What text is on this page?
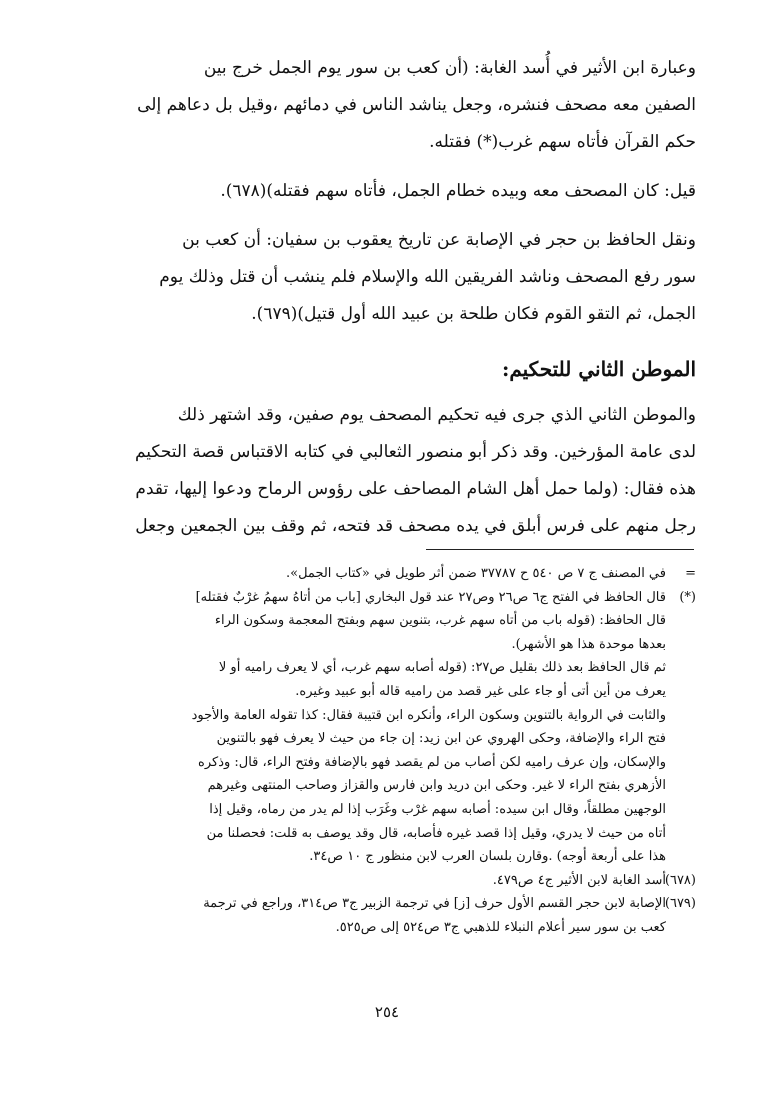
وعبارة ابن الأثير في أُسد الغابة: (أن كعب بن سور يوم الجمل خرج بين
الصفين معه مصحف فنشره، وجعل يناشد الناس في دمائهم ،وقيل بل دعاهم إلى
حكم القرآن فأتاه سهم غرب(*) فقتله.

قيل: كان المصحف معه وبيده خطام الجمل، فأتاه سهم فقتله)(٦٧٨).

ونقل الحافظ بن حجر في الإصابة عن تاريخ يعقوب بن سفيان: أن كعب بن
سور رفع المصحف وناشد الفريقين الله والإسلام فلم ينشب أن قتل وذلك يوم
الجمل، ثم التقو القوم فكان طلحة بن عبيد الله أول قتيل)(٦٧٩).

الموطن الثاني للتحكيم:

والموطن الثاني الذي جرى فيه تحكيم المصحف يوم صفين، وقد اشتهر ذلك
لدى عامة المؤرخين. وقد ذكر أبو منصور الثعالبي في كتابه الاقتباس قصة التحكيم
هذه فقال: (ولما حمل أهل الشام المصاحف على رؤوس الرماح ودعوا إليها، تقدم
رجل منهم على فرس أبلق في يده مصحف قد فتحه، ثم وقف بين الجمعين وجعل

=
في المصنف ج ٧ ص ٥٤٠ ح ٣٧٧٨٧ ضمن أثر طويل في «كتاب الجمل».
(*)
قال الحافظ في الفتح ج٦ ص٢٦ وص٢٧ عند قول البخاري [باب من أتاهُ سهمُ غرْبٌ فقتله]
قال الحافظ: (قوله باب من أتاه سهم غرب، بتنوين سهم وبفتح المعجمة وسكون الراء
بعدها موحدة هذا هو الأشهر).
ثم قال الحافظ بعد ذلك بقليل ص٢٧: (قوله أصابه سهم غرب، أي لا يعرف راميه أو لا
يعرف من أين أتى أو جاء على غير قصد من راميه قاله أبو عبيد وغيره.
والثابت في الرواية بالتنوين وسكون الراء، وأنكره ابن قتيبة فقال: كذا تقوله العامة والأجود
فتح الراء والإضافة، وحكى الهروي عن ابن زيد: إن جاء من حيث لا يعرف فهو بالتنوين
والإسكان، وإن عرف راميه لكن أصاب من لم يقصد فهو بالإضافة وفتح الراء، قال: وذكره
الأزهري بفتح الراء لا غير. وحكى ابن دريد وابن فارس والقزاز وصاحب المنتهى وغيرهم
الوجهين مطلقاً، وقال ابن سيده: أصابه سهم غرْب وغَرَب إذا لم يدر من رماه، وقيل إذا
أتاه من حيث لا يدري، وقيل إذا قصد غيره فأصابه، قال وقد يوصف به قلت: فحصلنا من
هذا على أربعة أوجه) .وقارن بلسان العرب لابن منظور ج ١٠ ص٣٤.
(٦٧٨)
أسد الغابة لابن الأثير ج٤ ص٤٧٩.
(٦٧٩)
الإصابة لابن حجر القسم الأول حرف [ز] في ترجمة الزبير ج٣ ص٣١٤، وراجع في ترجمة
كعب بن سور سير أعلام النبلاء للذهبي ج٣ ص٥٢٤ إلى ص٥٢٥.
٢٥٤
